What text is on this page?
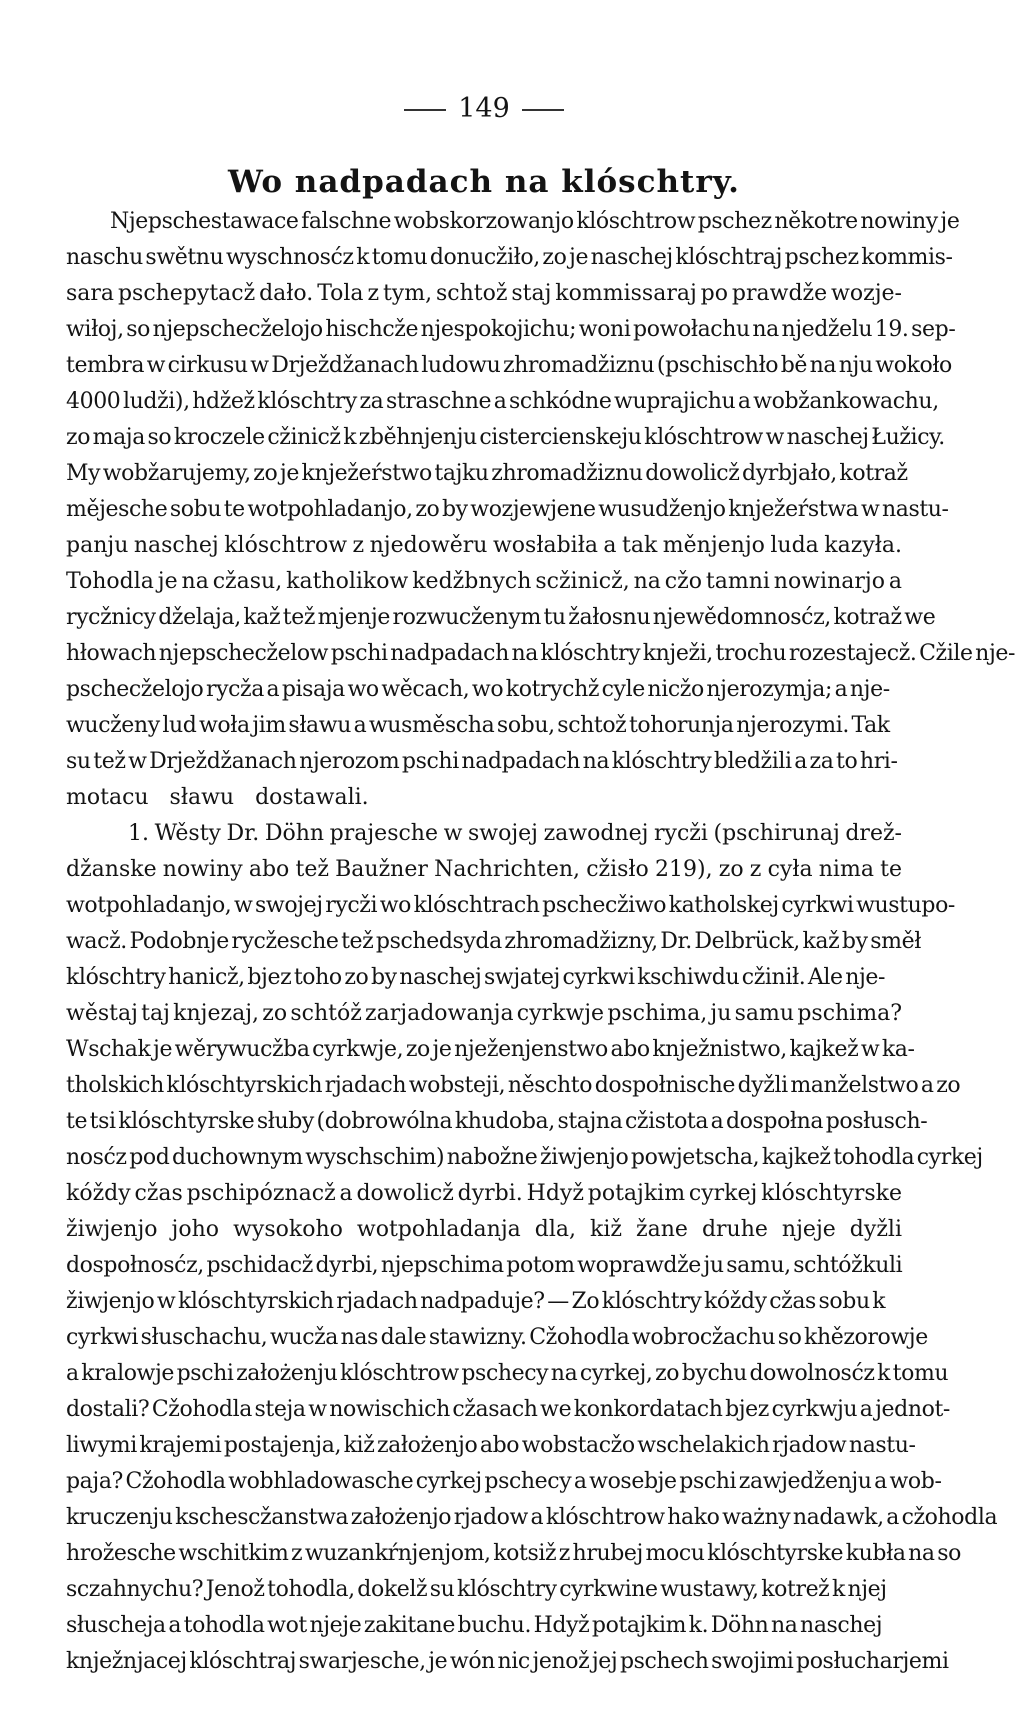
149
Wo nadpadach na klóschtry.
Njepschestawace falschne wobskorzowanjo klóschtrow pschez někotre nowiny je
naschu swětnu wyschnosćz k tomu donucžiło, zo je naschej klóschtraj pschez kommis-
sara pschepytacž dało. Tola z tym, schtož staj kommissaraj po prawdže wozje-
wiłoj, so njepschecželojo hischcže njespokojichu; woni powołachu na njedželu 19. sep-
tembra w cirkusu w Drježdžanach ludowu zhromadžiznu (pschischło bě na nju wokoło
4000 ludži), hdžež klóschtry za straschne a schkódne wuprajichu a wobžankowachu,
zo maja so kroczele cžinicž k zběhnjenju cistercienskeju klóschtrow w naschej Łužicy.
My wobžarujemy, zo je knježeŕstwo tajku zhromadžiznu dowolicž dyrbjało, kotraž
mějesche sobu te wotpohladanjo, zo by wozjewjene wusudženjo knježeŕstwa w nastu-
panju naschej klóschtrow z njedowěru wosłabiła a tak měnjenjo luda kazyła.
Tohodla je na cžasu, katholikow kedžbnych scžinicž, na cžo tamni nowinarjo a
rycžnicy dželaja, kaž tež mjenje rozwucženym tu žałosnu njewědomnosćz, kotraž we
hłowach njepschecželow pschi nadpadach na klóschtry knježi, trochu rozestajecž. Cžile nje-
pschecželojo rycža a pisaja wo wěcach, wo kotrychž cyle nicžo njerozymja; a nje-
wucženy lud woła jim sławu a wusměscha sobu, schtož tohorunja njerozymi. Tak
su tež w Drježdžanach njerozom pschi nadpadach na klóschtry bledžili a za to hri-
motacu sławu dostawali.
1. Wěsty Dr. Döhn prajesche w swojej zawodnej rycži (pschirunaj drež-
džanske nowiny abo tež Baužner Nachrichten, cžisło 219), zo z cyła nima te
wotpohladanjo, w swojej rycži wo klóschtrach pschecžiwo katholskej cyrkwi wustupo-
wacž. Podobnje rycžesche tež pschedsyda zhromadžizny, Dr. Delbrück, kaž by směł
klóschtry hanicž, bjez toho zo by naschej swjatej cyrkwi kschiwdu cžinił. Ale nje-
wěstaj taj knjezaj, zo schtóž zarjadowanja cyrkwje pschima, ju samu pschima?
Wschak je wěrywucžba cyrkwje, zo je nježenjenstwo abo knježnistwo, kajkež w ka-
tholskich klóschtyrskich rjadach wobsteji, něschto dospołnische dyžli manželstwo a zo
te tsi klóschtyrske słuby (dobrowólna khudoba, stajna cžistota a dospołna posłusch-
nosćz pod duchownym wyschschim) nabožne žiwjenjo powjetscha, kajkež tohodla cyrkej
kóždy cžas pschipóznacž a dowolicž dyrbi. Hdyž potajkim cyrkej klóschtyrske
žiwjenjo joho wysokoho wotpohladanja dla, kiž žane druhe njeje dyžli
dospołnosćz, pschidacž dyrbi, njepschima potom woprawdže ju samu, schtóžkuli
žiwjenjo w klóschtyrskich rjadach nadpaduje? — Zo klóschtry kóždy cžas sobu k
cyrkwi słuschachu, wucža nas dale stawizny. Cžohodla wobrocžachu so khězorowje
a kralowje pschi założenju klóschtrow pschecy na cyrkej, zo bychu dowolnosćz k tomu
dostali? Cžohodla steja w nowischich cžasach we konkordatach bjez cyrkwju a jednot-
liwymi krajemi postajenja, kiž założenjo abo wobstacžo wschelakich rjadow nastu-
paja? Cžohodla wobhladowasche cyrkej pschecy a wosebje pschi zawjedženju a wob-
kruczenju kschescžanstwa założenjo rjadow a klóschtrow hako ważny nadawk, a cžohodla
hrožesche wschitkim z wuzankŕnjenjom, kotsiž z hrubej mocu klóschtyrske kubła na so
sczahnychu? Jenož tohodla, dokelž su klóschtry cyrkwine wustawy, kotrež k njej
słuscheja a tohodla wot njeje zakitane buchu. Hdyž potajkim k. Döhn na naschej
knježnjacej klóschtraj swarjesche, je wón nic jenož jej pschech swojimi posłucharjemi
